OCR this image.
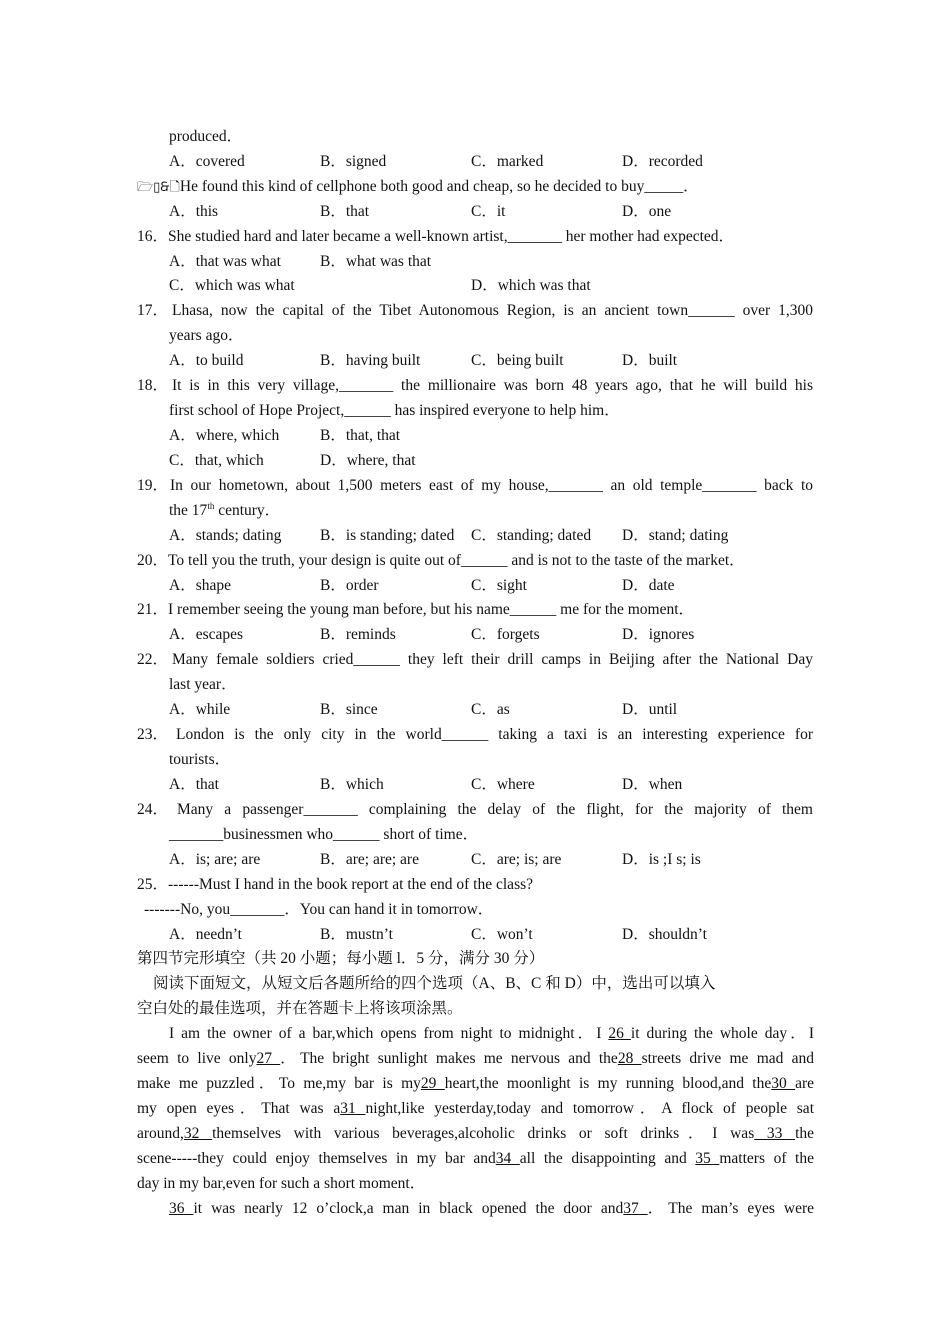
produced．
A．covered	B．signed	C．marked	D．recorded
🗁▯🙲🗋He found this kind of cellphone both good and cheap, so he decided to buy_____．
A．this	B．that	C．it	D．one
16．She studied hard and later became a well-known artist,_______ her mother had expected．
A．that was what	B．what was that
C．which was what	D．which was that
17． Lhasa, now the capital of the Tibet Autonomous Region, is an ancient town______ over 1,300
years ago．
A．to build	B．having built	C．being built	D．built
18． It is in this very village,_______ the millionaire was born 48 years ago, that he will build his
first school of Hope Project,______ has inspired everyone to help him．
A．where, which	B．that, that
C．that, which	D．where, that
19． In our hometown, about 1,500 meters east of my house,_______ an old temple_______ back to
the 17th century．
A．stands; dating B．is standing; dated C．standing; dated D．stand; dating
20．To tell you the truth, your design is quite out of______ and is not to the taste of the market．
A．shape	B．order	C．sight	D．date
21．I remember seeing the young man before, but his name______ me for the moment．
A．escapes	B．reminds	C．forgets	D．ignores
22． Many female soldiers cried______ they left their drill camps in Beijing after the National Day
last year．
A．while	B．since	C．as	D．until
23． London is the only city in the world______ taking a taxi is an interesting experience for
tourists．
A．that	B．which	C．where	D．when
24． Many a passenger_______ complaining the delay of the flight, for the majority of them
_______businessmen who______ short of time．
A．is; are; are	B．are; are; are	C．are; is; are	D．is ;I s; is
25．------Must I hand in the book report at the end of the class?
-------No, you_______．You can hand it in tomorrow．
A．needn’t	B．mustn’t	C．won’t	D．shouldn’t
第四节完形填空（共 20 小题；每小题 l．5 分，满分 30 分）
阅读下面短文，从短文后各题所给的四个选项（A、B、C 和 D）中，选出可以填入
空白处的最佳选项，并在答题卡上将该项涂黑。
I am the owner of a bar,which opens from night to midnight．I 26 it during the whole day．I
seem to live only27 ．The bright sunlight makes me nervous and the28 streets drive me mad and
make me puzzled．To me,my bar is my29 heart,the moonlight is my running blood,and the30 are
my open eyes．That was a31 night,like yesterday,today and tomorrow．A flock of people sat
around,32 themselves with various beverages,alcoholic drinks or soft drinks．I was 33 the
scene-----they could enjoy themselves in my bar and34 all the disappointing and 35 matters of the
day in my bar,even for such a short moment．
36 it was nearly 12 o’clock,a man in black opened the door and37 ．The man’s eyes were
